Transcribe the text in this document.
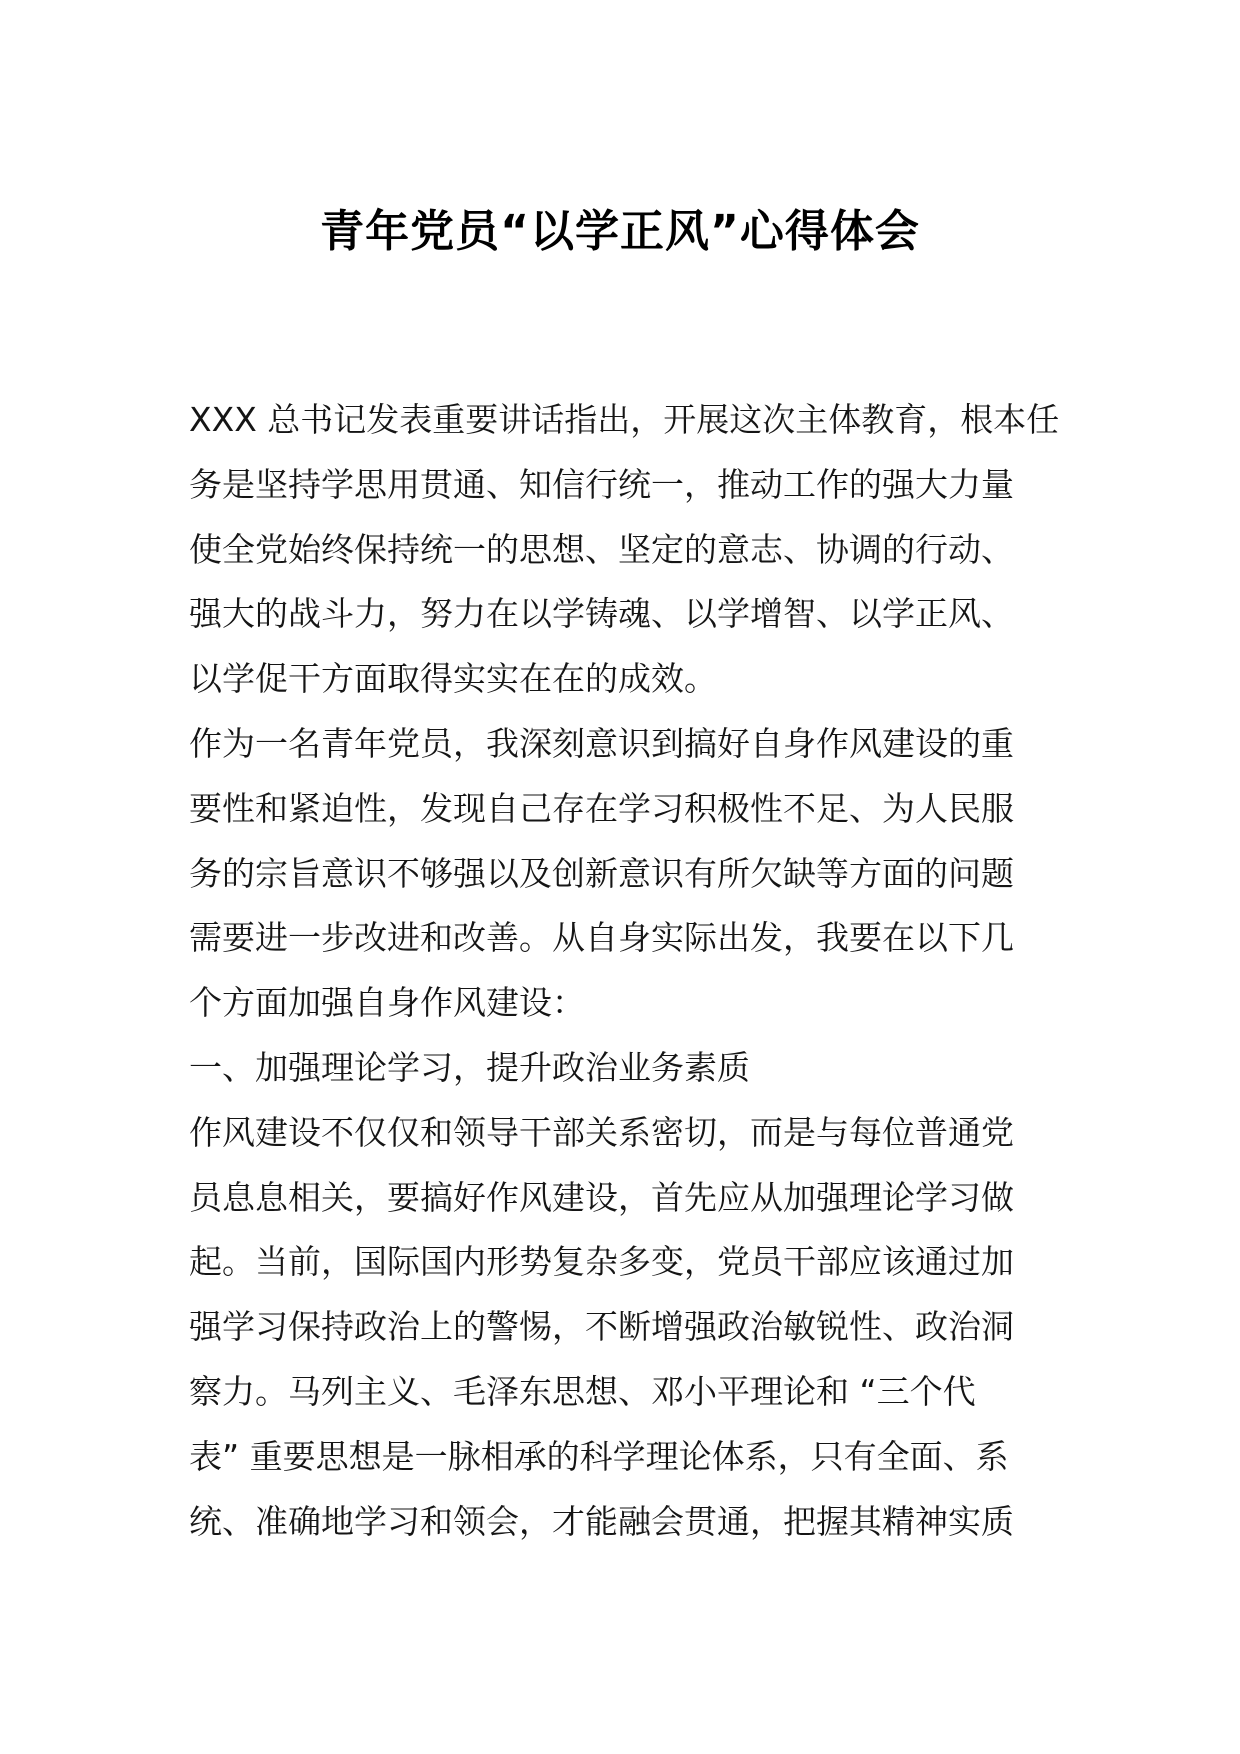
青年党员“以学正风”心得体会
XXX 总书记发表重要讲话指出，开展这次主体教育，根本任
务是坚持学思用贯通、知信行统一，推动工作的强大力量
使全党始终保持统一的思想、坚定的意志、协调的行动、
强大的战斗力，努力在以学铸魂、以学增智、以学正风、
以学促干方面取得实实在在的成效。
作为一名青年党员，我深刻意识到搞好自身作风建设的重
要性和紧迫性，发现自己存在学习积极性不足、为人民服
务的宗旨意识不够强以及创新意识有所欠缺等方面的问题
需要进一步改进和改善。从自身实际出发，我要在以下几
个方面加强自身作风建设：
一、加强理论学习，提升政治业务素质
作风建设不仅仅和领导干部关系密切，而是与每位普通党
员息息相关，要搞好作风建设，首先应从加强理论学习做
起。当前，国际国内形势复杂多变，党员干部应该通过加
强学习保持政治上的警惕，不断增强政治敏锐性、政治洞
察力。马列主义、毛泽东思想、邓小平理论和 “三个代
表” 重要思想是一脉相承的科学理论体系，只有全面、系
统、准确地学习和领会，才能融会贯通，把握其精神实质
